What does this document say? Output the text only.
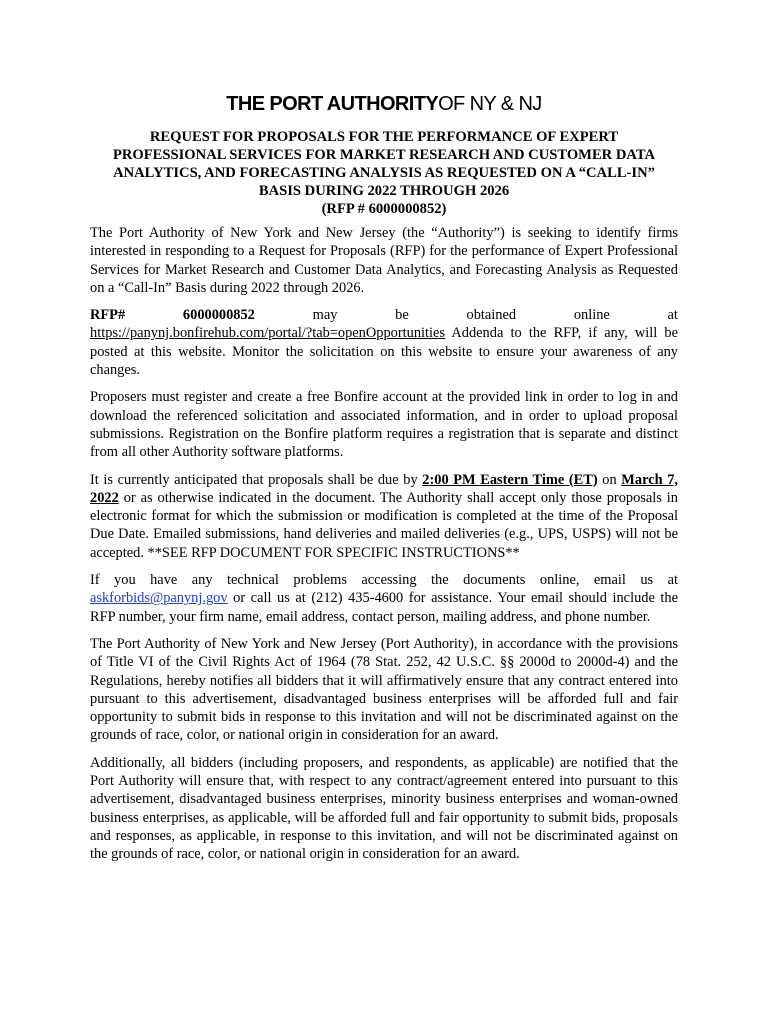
THE PORT AUTHORITYOF NY & NJ
REQUEST FOR PROPOSALS FOR THE PERFORMANCE OF EXPERT
PROFESSIONAL SERVICES FOR MARKET RESEARCH AND CUSTOMER DATA
ANALYTICS, AND FORECASTING ANALYSIS AS REQUESTED ON A “CALL-IN”
BASIS DURING 2022 THROUGH 2026
(RFP # 6000000852)

The Port Authority of New York and New Jersey (the “Authority”) is seeking to identify firms interested in responding to a Request for Proposals (RFP) for the performance of Expert Professional Services for Market Research and Customer Data Analytics, and Forecasting Analysis as Requested on a “Call-In” Basis during 2022 through 2026.

RFP#	6000000852	may	be	obtained	online	at
https://panynj.bonfirehub.com/portal/?tab=openOpportunities Addenda to the RFP, if any, will be posted at this website. Monitor the solicitation on this website to ensure your awareness of any changes.

Proposers must register and create a free Bonfire account at the provided link in order to log in and download the referenced solicitation and associated information, and in order to upload proposal submissions. Registration on the Bonfire platform requires a registration that is separate and distinct from all other Authority software platforms.

It is currently anticipated that proposals shall be due by 2:00 PM Eastern Time (ET) on March 7, 2022 or as otherwise indicated in the document. The Authority shall accept only those proposals in electronic format for which the submission or modification is completed at the time of the Proposal Due Date. Emailed submissions, hand deliveries and mailed deliveries (e.g., UPS, USPS) will not be accepted. **SEE RFP DOCUMENT FOR SPECIFIC INSTRUCTIONS**

If you have any technical problems accessing the documents online, email us at askforbids@panynj.gov or call us at (212) 435-4600 for assistance. Your email should include the RFP number, your firm name, email address, contact person, mailing address, and phone number.

The Port Authority of New York and New Jersey (Port Authority), in accordance with the provisions of Title VI of the Civil Rights Act of 1964 (78 Stat. 252, 42 U.S.C. §§ 2000d to 2000d-4) and the Regulations, hereby notifies all bidders that it will affirmatively ensure that any contract entered into pursuant to this advertisement, disadvantaged business enterprises will be afforded full and fair opportunity to submit bids in response to this invitation and will not be discriminated against on the grounds of race, color, or national origin in consideration for an award.

Additionally, all bidders (including proposers, and respondents, as applicable) are notified that the Port Authority will ensure that, with respect to any contract/agreement entered into pursuant to this advertisement, disadvantaged business enterprises, minority business enterprises and woman-owned business enterprises, as applicable, will be afforded full and fair opportunity to submit bids, proposals and responses, as applicable, in response to this invitation, and will not be discriminated against on the grounds of race, color, or national origin in consideration for an award.
